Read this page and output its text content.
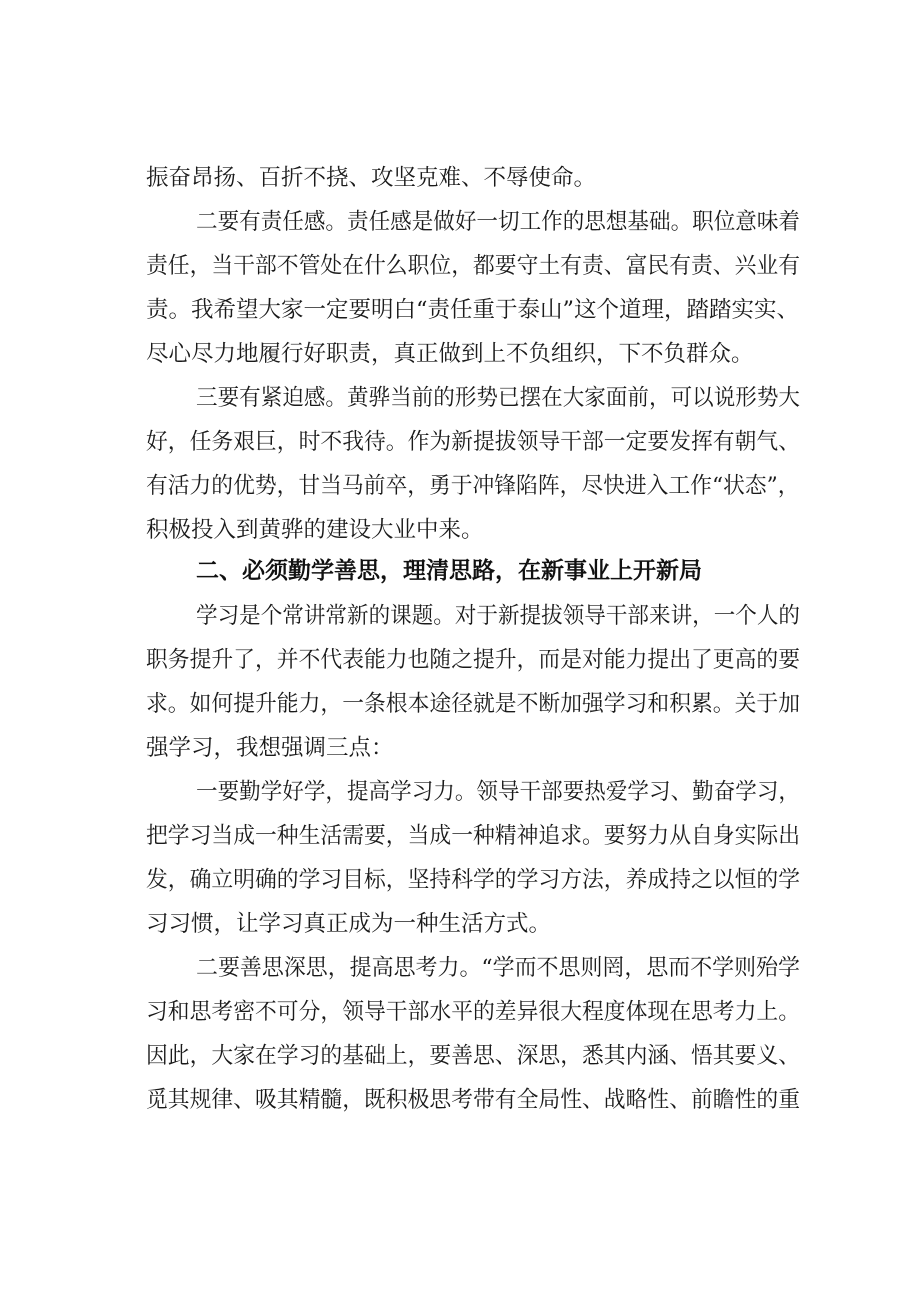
振奋昂扬、百折不挠、攻坚克难、不辱使命。
二要有责任感。责任感是做好一切工作的思想基础。职位意味着
责任，当干部不管处在什么职位，都要守土有责、富民有责、兴业有
责。我希望大家一定要明白“责任重于泰山”这个道理，踏踏实实、
尽心尽力地履行好职责，真正做到上不负组织，下不负群众。
三要有紧迫感。黄骅当前的形势已摆在大家面前，可以说形势大
好，任务艰巨，时不我待。作为新提拔领导干部一定要发挥有朝气、
有活力的优势，甘当马前卒，勇于冲锋陷阵，尽快进入工作“状态”，
积极投入到黄骅的建设大业中来。
二、必须勤学善思，理清思路，在新事业上开新局
学习是个常讲常新的课题。对于新提拔领导干部来讲，一个人的
职务提升了，并不代表能力也随之提升，而是对能力提出了更高的要
求。如何提升能力，一条根本途径就是不断加强学习和积累。关于加
强学习，我想强调三点：
一要勤学好学，提高学习力。领导干部要热爱学习、勤奋学习，
把学习当成一种生活需要，当成一种精神追求。要努力从自身实际出
发，确立明确的学习目标，坚持科学的学习方法，养成持之以恒的学
习习惯，让学习真正成为一种生活方式。
二要善思深思，提高思考力。“学而不思则罔，思而不学则殆学
习和思考密不可分，领导干部水平的差异很大程度体现在思考力上。
因此，大家在学习的基础上，要善思、深思，悉其内涵、悟其要义、
觅其规律、吸其精髓，既积极思考带有全局性、战略性、前瞻性的重
